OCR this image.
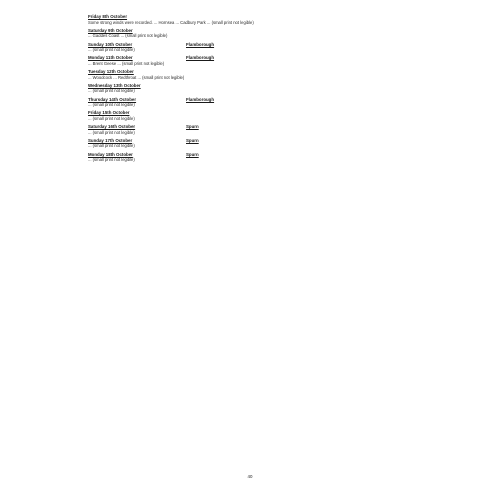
Friday 8th October
Some strong winds were recorded. ... Hornsea ... Cadbury Park ... (small print not legible)
Saturday 9th October
... Gaddes Coast ... (small print not legible)
Sunday 10th October	Flamborough
... (small print not legible)
Monday 11th October	Flamborough
... Brent Geese ... (small print not legible)
Tuesday 12th October
... Woodcock ... Redthroat ... (small print not legible)
Wednesday 13th October
... (small print not legible)
Thursday 14th October	Flamborough
... (small print not legible)
Friday 15th October
... (small print not legible)
Saturday 16th October	Spurn
... (small print not legible)
Sunday 17th October	Spurn
... (small print not legible)
Monday 18th October	Spurn
... (small print not legible)
40
